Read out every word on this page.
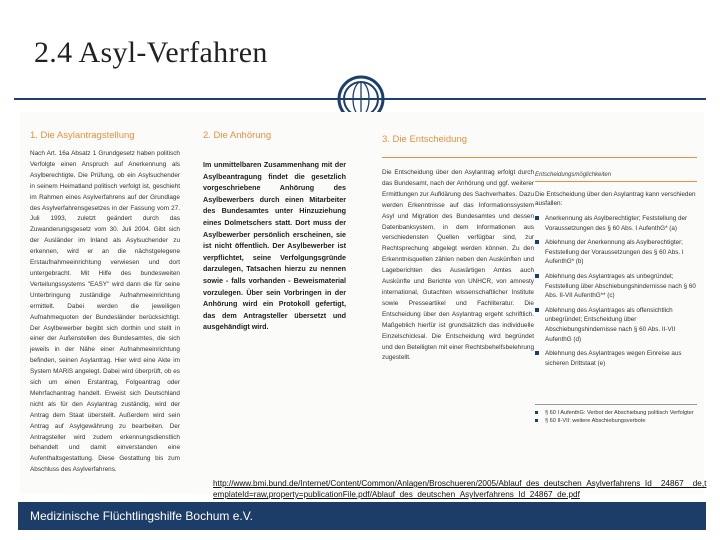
2.4 Asyl-Verfahren
1. Die Asylantragstellung

Nach Art. 16a Absatz 1 Grundgesetz haben politisch Verfolgte einen Anspruch auf Anerkennung als Asylberechtigte. Die Prüfung, ob ein Asylsuchender in seinem Heimatland politisch verfolgt ist, geschieht im Rahmen eines Asylverfahrens auf der Grundlage des Asylverfahrensgesetzes in der Fassung vom 27. Juli 1993, zuletzt geändert durch das Zuwanderungsgesetz vom 30. Juli 2004. Gibt sich der Ausländer im Inland als Asylsuchender zu erkennen, wird er an die nächstgelegene Erstaufnahmeeinrichtung verwiesen und dort untergebracht. Mit Hilfe des bundesweiten Verteilungssystems "EASY" wird dann die für seine Unterbringung zuständige Aufnahmeeinrichtung ermittelt. Dabei werden die jeweiligen Aufnahmequoten der Bundesländer berücksichtigt. Der Asylbewerber begibt sich dorthin und stellt in einer der Außenstellen des Bundesamtes, die sich jeweils in der Nähe einer Aufnahmeeinrichtung befinden, seinen Asylantrag. Hier wird eine Akte im System MARiS angelegt. Dabei wird überprüft, ob es sich um einen Erstantrag, Folgeantrag oder Mehrfachantrag handelt. Erweist sich Deutschland nicht als für den Asylantrag zuständig, wird der Antrag dem Staat überstellt. Außerdem wird sein Antrag auf Asylgewährung zu bearbeiten. Der Antragsteller wird zudem erkennungsdienstlich behandelt und damit einverstanden eine Aufenthaltsgestattung. Diese Gestattung bis zum Abschluss des Asylverfahrens.

2. Die Anhörung

Im unmittelbaren Zusammenhang mit der Asylbeantragung findet die gesetzlich vorgeschriebene Anhörung des Asylbewerbers durch einen Mitarbeiter des Bundesamtes unter Hinzuziehung eines Dolmetschers statt. Dort muss der Asylbewerber persönlich erscheinen, sie ist nicht öffentlich. Der Asylbewerber ist verpflichtet, seine Verfolgungsgründe darzulegen, Tatsachen hierzu zu nennen sowie - falls vorhanden - Beweismaterial vorzulegen. Über sein Vorbringen in der Anhörung wird ein Protokoll gefertigt, das dem Antragsteller übersetzt und ausgehändigt wird.

3. Die Entscheidung

Die Entscheidung über den Asylantrag erfolgt durch das Bundesamt, nach der Anhörung und ggf. weiterer Ermittlungen zur Aufklärung des Sachverhaltes. Dazu werden Erkenntnisse auf das Informationssystem Asyl und Migration des Bundesamtes und dessen Datenbanksystem, in dem Informationen aus verschiedensten Quellen verfügbar sind, zur Rechtsprechung abgelegt werden können. Zu den Erkenntnisquellen zählen neben den Auskünften und Lageberichten des Auswärtigen Amtes auch Auskünfte und Berichte von UNHCR, von amnesty international, Gutachten wissenschaftlicher Institute sowie Presseartikel und Fachliteratur. Die Entscheidung über den Asylantrag ergeht schriftlich. Maßgeblich hierfür ist grundsätzlich das individuelle Einzelschicksal. Die Entscheidung wird begründet und den Beteiligten mit einer Rechtsbehelfsbelehrung zugestellt.

Entscheidungsmöglichkeiten
Die Entscheidung über den Asylantrag kann verschieden ausfallen:
Anerkennung als Asylberechtigter; Feststellung der Voraussetzungen des § 60 Abs. I AufenthG* (a)
Ablehnung der Anerkennung als Asylberechtigter; Feststellung der Voraussetzungen des § 60 Abs. I AufenthG* (b)
Ablehnung des Asylantrages als unbegründet; Feststellung über Abschiebungshindernisse nach § 60 Abs. II-VII AufenthG** (c)
Ablehnung des Asylantrages als offensichtlich unbegründet; Entscheidung über Abschiebungshindernisse nach § 60 Abs. II-VII AufenthG (d)
Ablehnung des Asylantrages wegen Einreise aus sicheren Drittstaat (e)
§ 60 I AufenthG: Verbot der Abschiebung politisch Verfolgter
§ 60 II-VII: weitere Abschiebungsverbote
http://www.bmi.bund.de/Internet/Content/Common/Anlagen/Broschueren/2005/Ablauf_des_deutschen_Asylverfahrens_Id__24867__de,templateId=raw,property=publicationFile.pdf/Ablauf_des_deutschen_Asylverfahrens_Id_24867_de.pdf
Medizinische Flüchtlingshilfe Bochum e.V.
